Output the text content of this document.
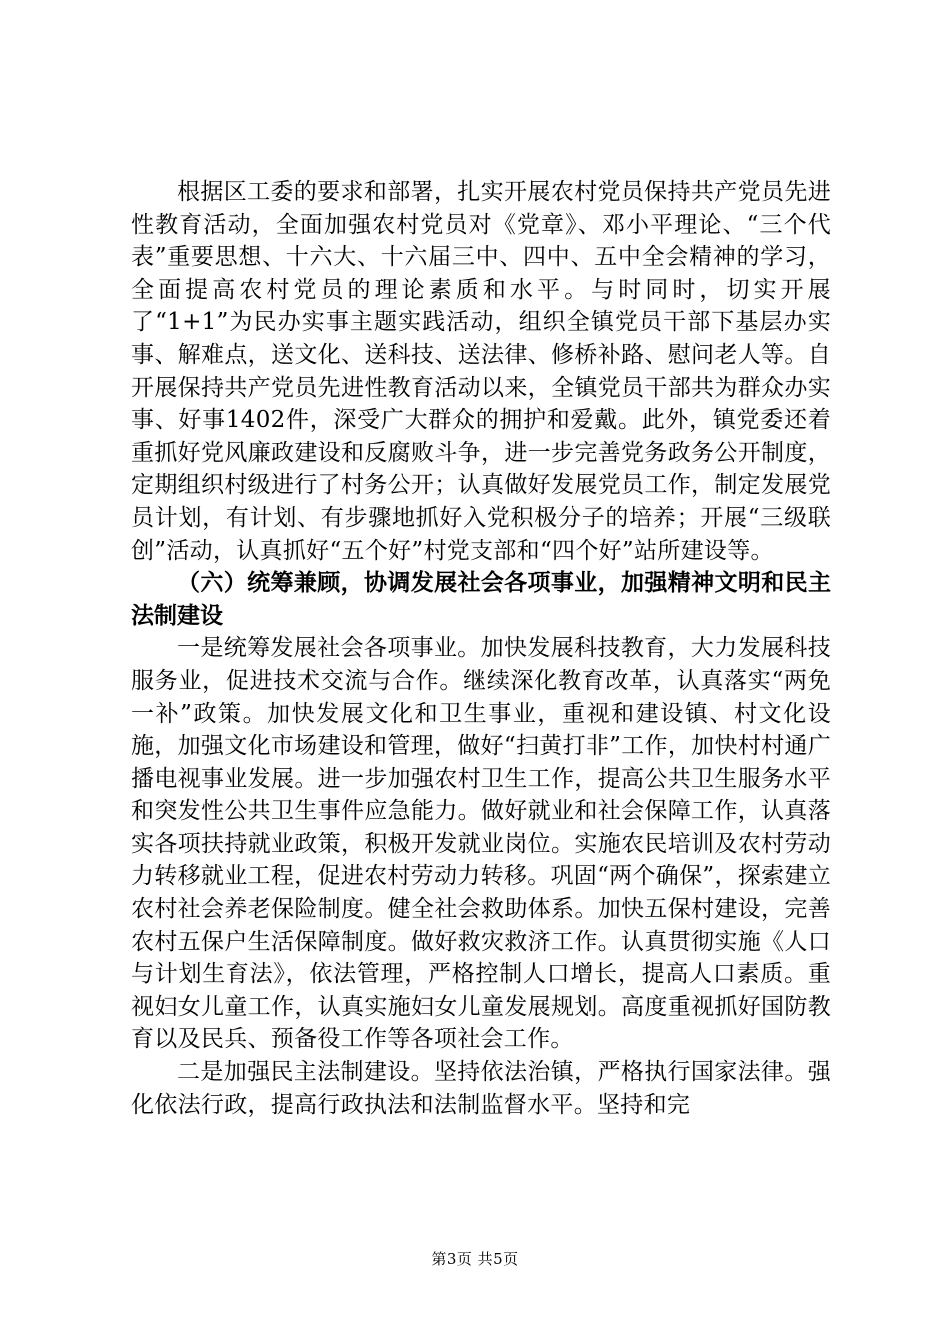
根据区工委的要求和部署，扎实开展农村党员保持共产党员先进性教育活动，全面加强农村党员对《党章》、邓小平理论、“三个代表”重要思想、十六大、十六届三中、四中、五中全会精神的学习，全面提高农村党员的理论素质和水平。与时同时，切实开展了“1+1”为民办实事主题实践活动，组织全镇党员干部下基层办实事、解难点，送文化、送科技、送法律、修桥补路、慰问老人等。自开展保持共产党员先进性教育活动以来，全镇党员干部共为群众办实事、好事1402件，深受广大群众的拥护和爱戴。此外，镇党委还着重抓好党风廉政建设和反腐败斗争，进一步完善党务政务公开制度，定期组织村级进行了村务公开；认真做好发展党员工作，制定发展党员计划，有计划、有步骤地抓好入党积极分子的培养；开展“三级联创”活动，认真抓好“五个好”村党支部和“四个好”站所建设等。

（六）统筹兼顾，协调发展社会各项事业，加强精神文明和民主法制建设

一是统筹发展社会各项事业。加快发展科技教育，大力发展科技服务业，促进技术交流与合作。继续深化教育改革，认真落实“两免一补”政策。加快发展文化和卫生事业，重视和建设镇、村文化设施，加强文化市场建设和管理，做好“扫黄打非”工作，加快村村通广播电视事业发展。进一步加强农村卫生工作，提高公共卫生服务水平和突发性公共卫生事件应急能力。做好就业和社会保障工作，认真落实各项扶持就业政策，积极开发就业岗位。实施农民培训及农村劳动力转移就业工程，促进农村劳动力转移。巩固“两个确保”，探索建立农村社会养老保险制度。健全社会救助体系。加快五保村建设，完善农村五保户生活保障制度。做好救灾救济工作。认真贯彻实施《人口与计划生育法》，依法管理，严格控制人口增长，提高人口素质。重视妇女儿童工作，认真实施妇女儿童发展规划。高度重视抓好国防教育以及民兵、预备役工作等各项社会工作。

二是加强民主法制建设。坚持依法治镇，严格执行国家法律。强化依法行政，提高行政执法和法制监督水平。坚持和完

第3页 共5页
